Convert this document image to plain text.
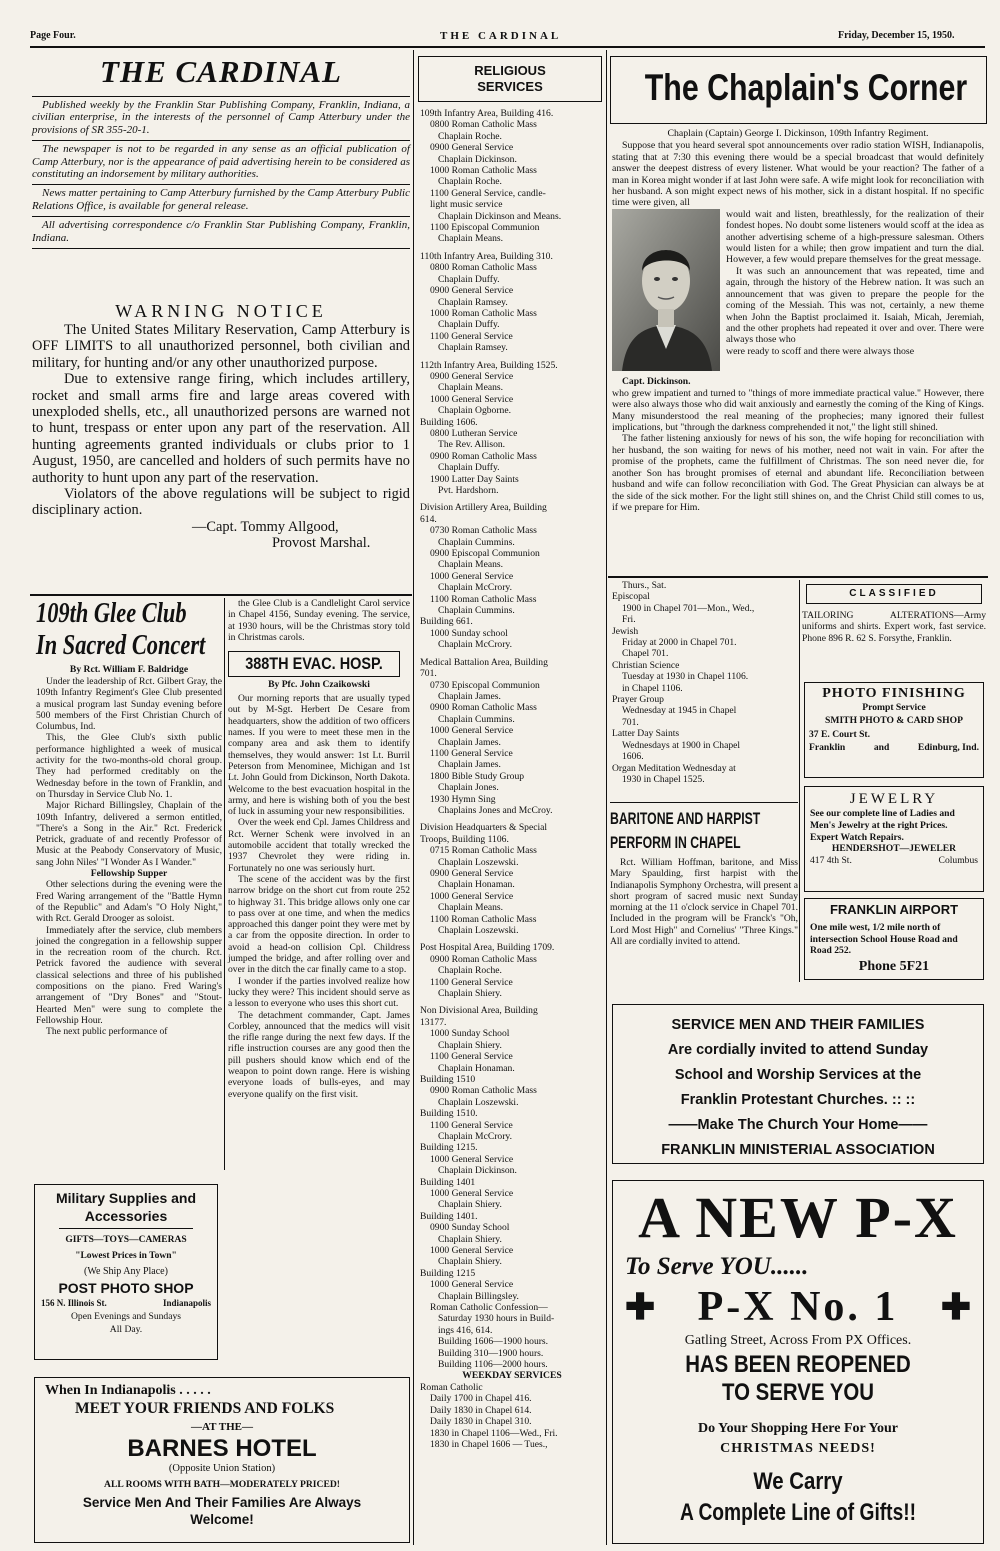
Page Four.	THE CARDINAL	Friday, December 15, 1950.
THE CARDINAL

Published weekly by the Franklin Star Publishing Company, Franklin, Indiana, a civilian enterprise, in the interests of the personnel of Camp Atterbury under the provisions of SR 355-20-1.

The newspaper is not to be regarded in any sense as an official publication of Camp Atterbury, nor is the appearance of paid advertising herein to be considered as constituting an indorsement by military authorities.

News matter pertaining to Camp Atterbury furnished by the Camp Atterbury Public Relations Office, is available for general release.

All advertising correspondence c/o Franklin Star Publishing Company, Franklin, Indiana.

WARNING NOTICE

The United States Military Reservation, Camp Atterbury is OFF LIMITS to all unauthorized personnel, both civilian and military, for hunting and/or any other unauthorized purpose.

Due to extensive range firing, which includes artillery, rocket and small arms fire and large areas covered with unexploded shells, etc., all unauthorized persons are warned not to hunt, trespass or enter upon any part of the reservation. All hunting agreements granted individuals or clubs prior to 1 August, 1950, are cancelled and holders of such permits have no authority to hunt upon any part of the reservation.

Violators of the above regulations will be subject to rigid disciplinary action.

—Capt. Tommy Allgood,

Provost Marshal.

109th Glee Club
In Sacred Concert

By Rct. William F. Baldridge

Under the leadership of Rct. Gilbert Gray, the 109th Infantry Regiment's Glee Club presented a musical program last Sunday evening before 500 members of the First Christian Church of Columbus, Ind.

This, the Glee Club's sixth public performance highlighted a week of musical activity for the two-months-old choral group. They had performed creditably on the Wednesday before in the town of Franklin, and on Thursday in Service Club No. 1.

Major Richard Billingsley, Chaplain of the 109th Infantry, delivered a sermon entitled, "There's a Song in the Air." Rct. Frederick Petrick, graduate of and recently Professor of Music at the Peabody Conservatory of Music, sang John Niles' "I Wonder As I Wander."

Fellowship Supper

Other selections during the evening were the Fred Waring arrangement of the "Battle Hymn of the Republic" and Adam's "O Holy Night," with Rct. Gerald Drooger as soloist.

Immediately after the service, club members joined the congregation in a fellowship supper in the recreation room of the church. Rct. Petrick favored the audience with several classical selections and three of his published compositions on the piano. Fred Waring's arrangement of "Dry Bones" and "Stout-Hearted Men" were sung to complete the Fellowship Hour.

The next public performance of

the Glee Club is a Candlelight Carol service in Chapel 4156, Sunday evening. The service, at 1930 hours, will be the Christmas story told in Christmas carols.

388TH EVAC. HOSP.

By Pfc. John Czaikowski

Our morning reports that are usually typed out by M-Sgt. Herbert De Cesare from headquarters, show the addition of two officers names. If you were to meet these men in the company area and ask them to identify themselves, they would answer: 1st Lt. Burril Peterson from Menominee, Michigan and 1st Lt. John Gould from Dickinson, North Dakota. Welcome to the best evacuation hospital in the army, and here is wishing both of you the best of luck in assuming your new responsibilities.

Over the week end Cpl. James Childress and Rct. Werner Schenk were involved in an automobile accident that totally wrecked the 1937 Chevrolet they were riding in. Fortunately no one was seriously hurt.

The scene of the accident was by the first narrow bridge on the short cut from route 252 to highway 31. This bridge allows only one car to pass over at one time, and when the medics approached this danger point they were met by a car from the opposite direction. In order to avoid a head-on collision Cpl. Childress jumped the bridge, and after rolling over and over in the ditch the car finally came to a stop.

I wonder if the parties involved realize how lucky they were? This incident should serve as a lesson to everyone who uses this short cut.

The detachment commander, Capt. James Corbley, announced that the medics will visit the rifle range during the next few days. If the rifle instruction courses are any good then the pill pushers should know which end of the weapon to point down range. Here is wishing everyone loads of bulls-eyes, and may everyone qualify on the first visit.

Military Supplies and
Accessories
GIFTS—TOYS—CAMERAS
"Lowest Prices in Town"
(We Ship Any Place)
POST PHOTO SHOP
156 N. Illinois St.	Indianapolis
Open Evenings and Sundays
All Day.
When In Indianapolis . . . . .
MEET YOUR FRIENDS AND FOLKS
—AT THE—
BARNES HOTEL
(Opposite Union Station)
ALL ROOMS WITH BATH—MODERATELY PRICED!
Service Men And Their Families Are Always
Welcome!
RELIGIOUS
SERVICES

109th Infantry Area, Building 416.

0800 Roman Catholic Mass

Chaplain Roche.

0900 General Service

Chaplain Dickinson.

1000 Roman Catholic Mass

Chaplain Roche.

1100 General Service, candle-

light music service

Chaplain Dickinson and Means.

1100 Episcopal Communion

Chaplain Means.

110th Infantry Area, Building 310.

0800 Roman Catholic Mass

Chaplain Duffy.

0900 General Service

Chaplain Ramsey.

1000 Roman Catholic Mass

Chaplain Duffy.

1100 General Service

Chaplain Ramsey.

112th Infantry Area, Building 1525.

0900 General Service

Chaplain Means.

1000 General Service

Chaplain Ogborne.

Building 1606.

0800 Lutheran Service

The Rev. Allison.

0900 Roman Catholic Mass

Chaplain Duffy.

1900 Latter Day Saints

Pvt. Hardshorn.

Division Artillery Area, Building

614.

0730 Roman Catholic Mass

Chaplain Cummins.

0900 Episcopal Communion

Chaplain Means.

1000 General Service

Chaplain McCrory.

1100 Roman Catholic Mass

Chaplain Cummins.

Building 661.

1000 Sunday school

Chaplain McCrory.

Medical Battalion Area, Building

701.

0730 Episcopal Communion

Chaplain James.

0900 Roman Catholic Mass

Chaplain Cummins.

1000 General Service

Chaplain James.

1100 General Service

Chaplain James.

1800 Bible Study Group

Chaplain Jones.

1930 Hymn Sing

Chaplains Jones and McCroy.

Division Headquarters & Special

Troops, Building 1106.

0715 Roman Catholic Mass

Chaplain Loszewski.

0900 General Service

Chaplain Honaman.

1000 General Service

Chaplain Means.

1100 Roman Catholic Mass

Chaplain Loszewski.

Post Hospital Area, Building 1709.

0900 Roman Catholic Mass

Chaplain Roche.

1100 General Service

Chaplain Shiery.

Non Divisional Area, Building

13177.

1000 Sunday School

Chaplain Shiery.

1100 General Service

Chaplain Honaman.

Building 1510

0900 Roman Catholic Mass

Chaplain Loszewski.

Building 1510.

1100 General Service

Chaplain McCrory.

Building 1215.

1000 General Service

Chaplain Dickinson.

Building 1401

1000 General Service

Chaplain Shiery.

Building 1401.

0900 Sunday School

Chaplain Shiery.

1000 General Service

Chaplain Shiery.

Building 1215

1000 General Service

Chaplain Billingsley.

Roman Catholic Confession—

Saturday 1930 hours in Build-

ings 416, 614.

Building 1606—1900 hours.

Building 310—1900 hours.

Building 1106—2000 hours.

WEEKDAY SERVICES

Roman Catholic

Daily 1700 in Chapel 416.

Daily 1830 in Chapel 614.

Daily 1830 in Chapel 310.

1830 in Chapel 1106—Wed., Fri.

1830 in Chapel 1606 — Tues.,

The Chaplain's Corner

Chaplain (Captain) George I. Dickinson, 109th Infantry Regiment.

Suppose that you heard several spot announcements over radio station WISH, Indianapolis, stating that at 7:30 this evening there would be a special broadcast that would definitely answer the deepest distress of every listener. What would be your reaction? The father of a man in Korea might wonder if at last John were safe. A wife might look for reconciliation with her husband. A son might expect news of his mother, sick in a distant hospital. If no specific time were given, all

Capt. Dickinson.

would wait and listen, breathlessly, for the realization of their fondest hopes. No doubt some listeners would scoff at the idea as another advertising scheme of a high-pressure salesman. Others would listen for a while; then grow impatient and turn the dial. However, a few would prepare themselves for the great message.

It was such an announcement that was repeated, time and again, through the history of the Hebrew nation. It was such an announcement that was given to prepare the people for the coming of the Messiah. This was not, certainly, a new theme when John the Baptist proclaimed it. Isaiah, Micah, Jeremiah, and the other prophets had repeated it over and over. There were always those who

were ready to scoff and there were always those

who grew impatient and turned to "things of more immediate practical value." However, there were also always those who did wait anxiously and earnestly the coming of the King of Kings. Many misunderstood the real meaning of the prophecies; many ignored their fullest implications, but "through the darkness comprehended it not," the light still shined.

The father listening anxiously for news of his son, the wife hoping for reconciliation with her husband, the son waiting for news of his mother, need not wait in vain. For after the promise of the prophets, came the fulfillment of Christmas. The son need never die, for another Son has brought promises of eternal and abundant life. Reconciliation between husband and wife can follow reconciliation with God. The Great Physician can always be at the side of the sick mother. For the light still shines on, and the Christ Child still comes to us, if we prepare for Him.

Thurs., Sat.

Episcopal

1900 in Chapel 701—Mon., Wed.,

Fri.

Jewish

Friday at 2000 in Chapel 701.

Chapel 701.

Christian Science

Tuesday at 1930 in Chapel 1106.

in Chapel 1106.

Prayer Group

Wednesday at 1945 in Chapel

701.

Latter Day Saints

Wednesdays at 1900 in Chapel

1606.

Organ Meditation Wednesday at

1930 in Chapel 1525.

BARITONE AND HARPIST
PERFORM IN CHAPEL

Rct. William Hoffman, baritone, and Miss Mary Spaulding, first harpist with the Indianapolis Symphony Orchestra, will present a short program of sacred music next Sunday morning at the 11 o'clock service in Chapel 701. Included in the program will be Franck's "Oh, Lord Most High" and Cornelius' "Three Kings." All are cordially invited to attend.

CLASSIFIED
TAILORING ALTERATIONS—Army uniforms and shirts. Expert work, fast service. Phone 896 R. 62 S. Forsythe, Franklin.
PHOTO FINISHING
Prompt Service
SMITH PHOTO & CARD SHOP
37 E. Court St.
Franklin	and	Edinburg, Ind.
JEWELRY
See our complete line of Ladies and Men's Jewelry at the right Prices. Expert Watch Repairs.
HENDERSHOT—JEWELER
417 4th St.	Columbus
FRANKLIN AIRPORT
One mile west, 1/2 mile north of intersection School House Road and Road 252.
Phone 5F21
SERVICE MEN AND THEIR FAMILIES
Are cordially invited to attend Sunday
School and Worship Services at the
Franklin Protestant Churches. :: ::
——Make The Church Your Home——
FRANKLIN MINISTERIAL ASSOCIATION
A NEW P-X
To Serve YOU......
✚ P-X No. 1 ✚
Gatling Street, Across From PX Offices.
HAS BEEN REOPENED
TO SERVE YOU
Do Your Shopping Here For Your
CHRISTMAS NEEDS!
We Carry
A Complete Line of Gifts!!
